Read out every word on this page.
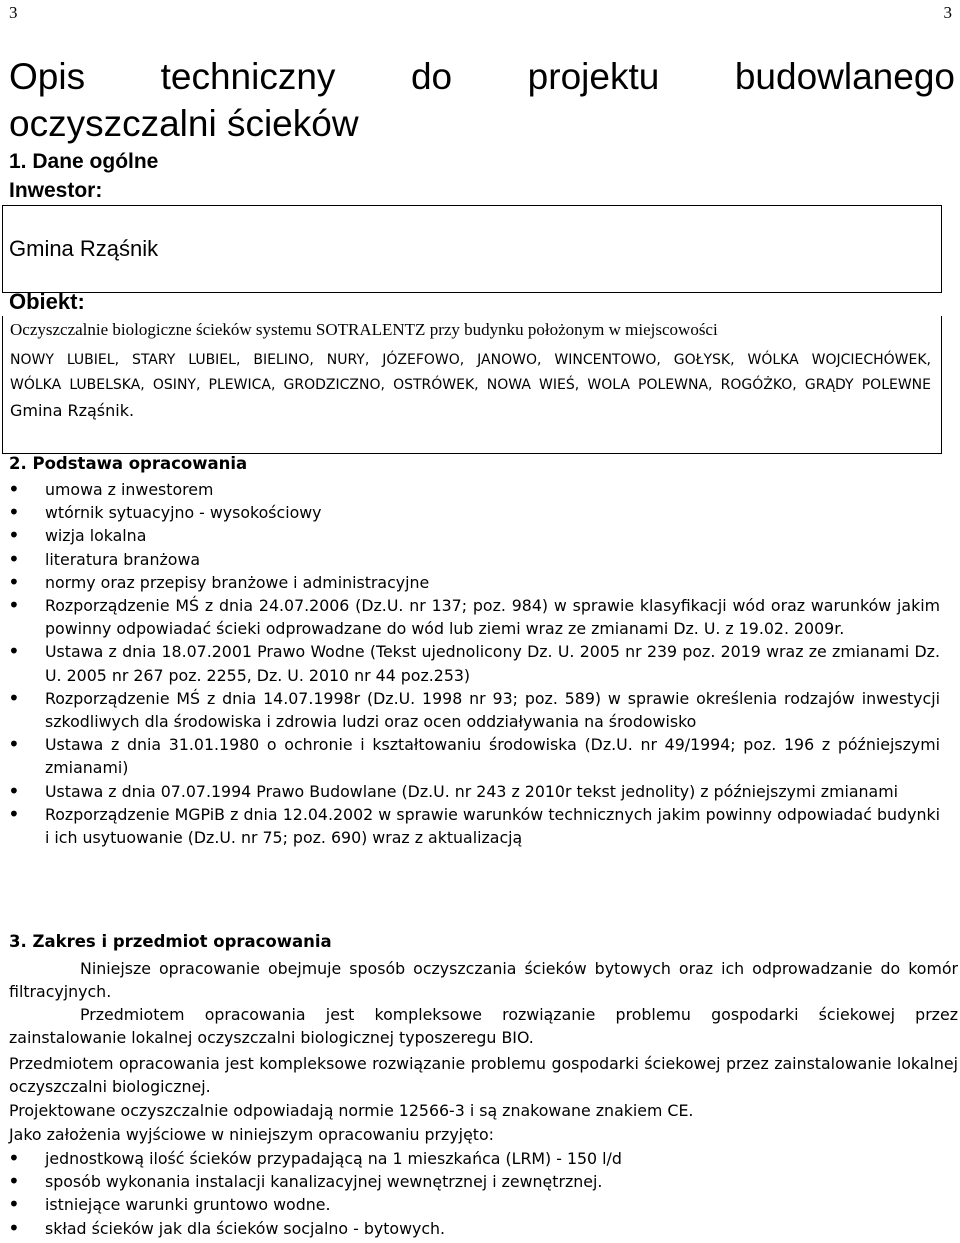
3	3
Opis techniczny do projektu budowlanego
oczyszczalni ścieków
1. Dane ogólne
Inwestor:
Gmina Rząśnik
Obiekt:
Oczyszczalnie biologiczne ścieków systemu SOTRALENTZ przy budynku położonym w miejscowości
NOWY LUBIEL, STARY LUBIEL, BIELINO, NURY, JÓZEFOWO, JANOWO, WINCENTOWO, GOŁYSK, WÓLKA WOJCIECHÓWEK,
WÓLKA LUBELSKA, OSINY, PLEWICA, GRODZICZNO, OSTRÓWEK, NOWA WIEŚ, WOLA POLEWNA, ROGÓŻKO, GRĄDY POLEWNE
Gmina Rząśnik.
2. Podstawa opracowania
• umowa z inwestorem
• wtórnik sytuacyjno - wysokościowy
• wizja lokalna
• literatura branżowa
• normy oraz przepisy branżowe i administracyjne
• Rozporządzenie MŚ z dnia 24.07.2006 (Dz.U. nr 137; poz. 984) w sprawie klasyfikacji wód oraz warunków jakim powinny odpowiadać ścieki odprowadzane do wód lub ziemi wraz ze zmianami Dz. U. z 19.02. 2009r.
• Ustawa z dnia 18.07.2001 Prawo Wodne (Tekst ujednolicony Dz. U. 2005 nr 239 poz. 2019 wraz ze zmianami Dz. U. 2005 nr 267 poz. 2255, Dz. U. 2010 nr 44 poz.253)
• Rozporządzenie MŚ z dnia 14.07.1998r (Dz.U. 1998 nr 93; poz. 589) w sprawie określenia rodzajów inwestycji szkodliwych dla środowiska i zdrowia ludzi oraz ocen oddziaływania na środowisko
• Ustawa z dnia 31.01.1980 o ochronie i kształtowaniu środowiska (Dz.U. nr 49/1994; poz. 196 z późniejszymi zmianami)
• Ustawa z dnia 07.07.1994 Prawo Budowlane (Dz.U. nr 243 z 2010r tekst jednolity) z późniejszymi zmianami
• Rozporządzenie MGPiB z dnia 12.04.2002 w sprawie warunków technicznych jakim powinny odpowiadać budynki i ich usytuowanie (Dz.U. nr 75; poz. 690) wraz z aktualizacją
3. Zakres i przedmiot opracowania

Niniejsze opracowanie obejmuje sposób oczyszczania ścieków bytowych oraz ich odprowadzanie do komór filtracyjnych.

Przedmiotem opracowania jest kompleksowe rozwiązanie problemu gospodarki ściekowej przez zainstalowanie lokalnej oczyszczalni biologicznej typoszeregu BIO.

Przedmiotem opracowania jest kompleksowe rozwiązanie problemu gospodarki ściekowej przez zainstalowanie lokalnej oczyszczalni biologicznej.

Projektowane oczyszczalnie odpowiadają normie 12566-3 i są znakowane znakiem CE.

Jako założenia wyjściowe w niniejszym opracowaniu przyjęto:

• jednostkową ilość ścieków przypadającą na 1 mieszkańca (LRM) - 150 l/d
• sposób wykonania instalacji kanalizacyjnej wewnętrznej i zewnętrznej.
• istniejące warunki gruntowo wodne.
• skład ścieków jak dla ścieków socjalno - bytowych.
